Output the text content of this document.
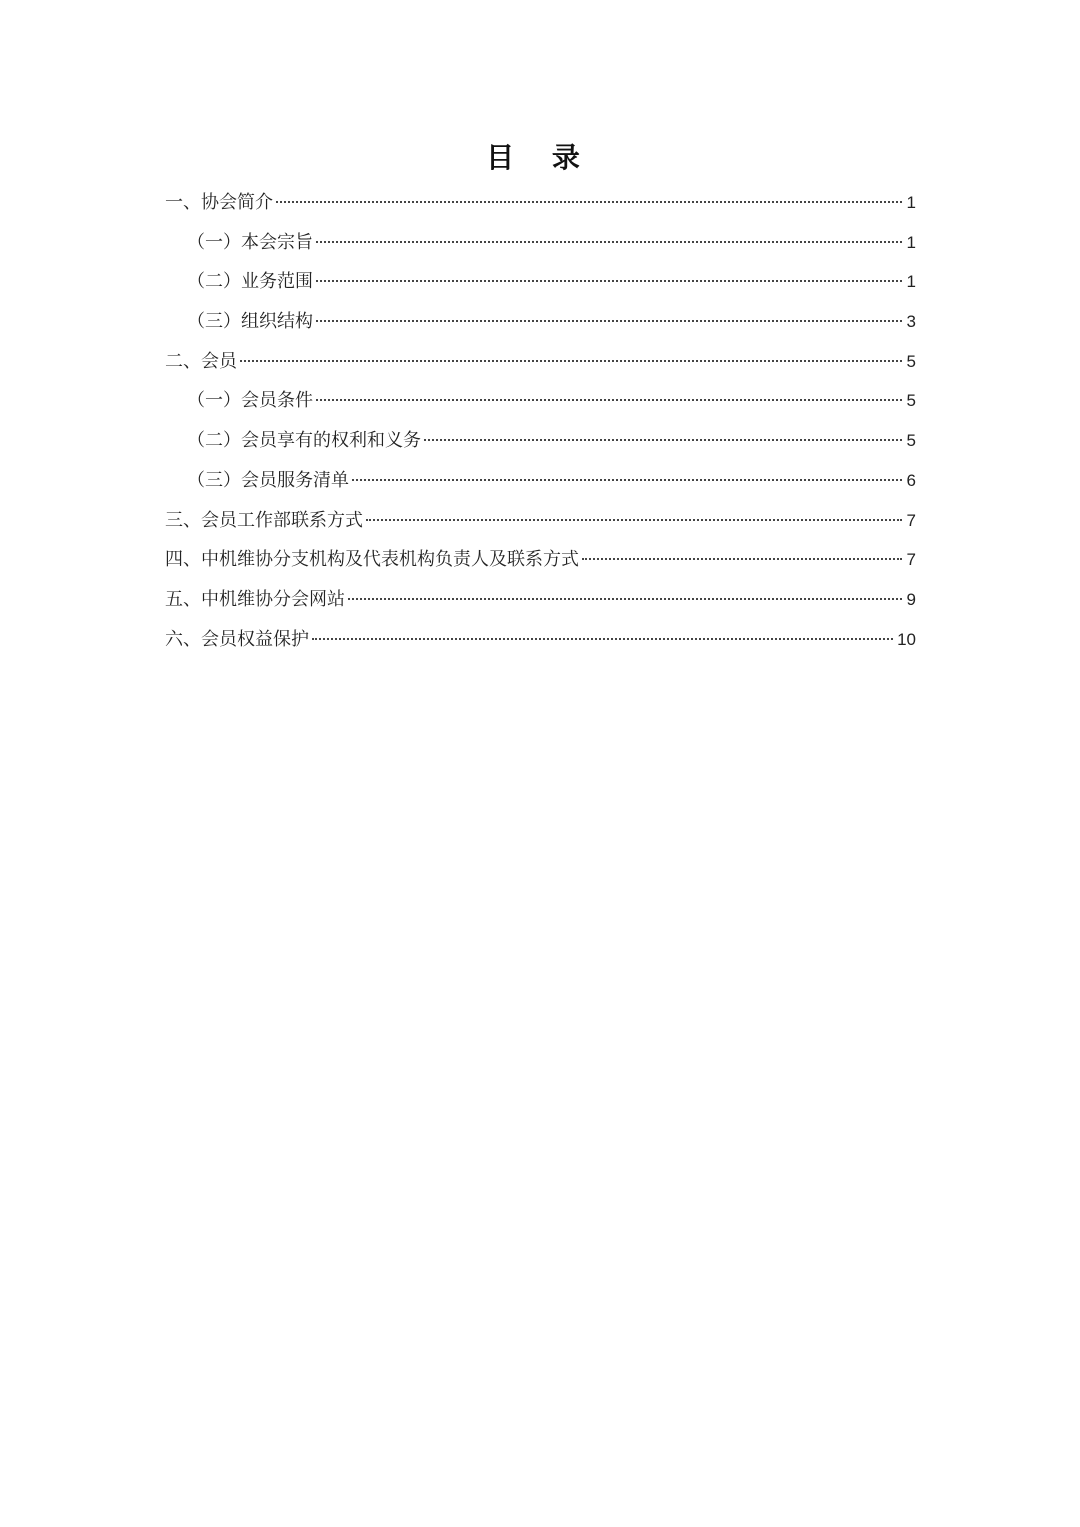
目 录
一、协会简介	1
（一）本会宗旨	1
（二）业务范围	1
（三）组织结构	3
二、会员	5
（一）会员条件	5
（二）会员享有的权利和义务	5
（三）会员服务清单	6
三、会员工作部联系方式	7
四、中机维协分支机构及代表机构负责人及联系方式	7
五、中机维协分会网站	9
六、会员权益保护	10
